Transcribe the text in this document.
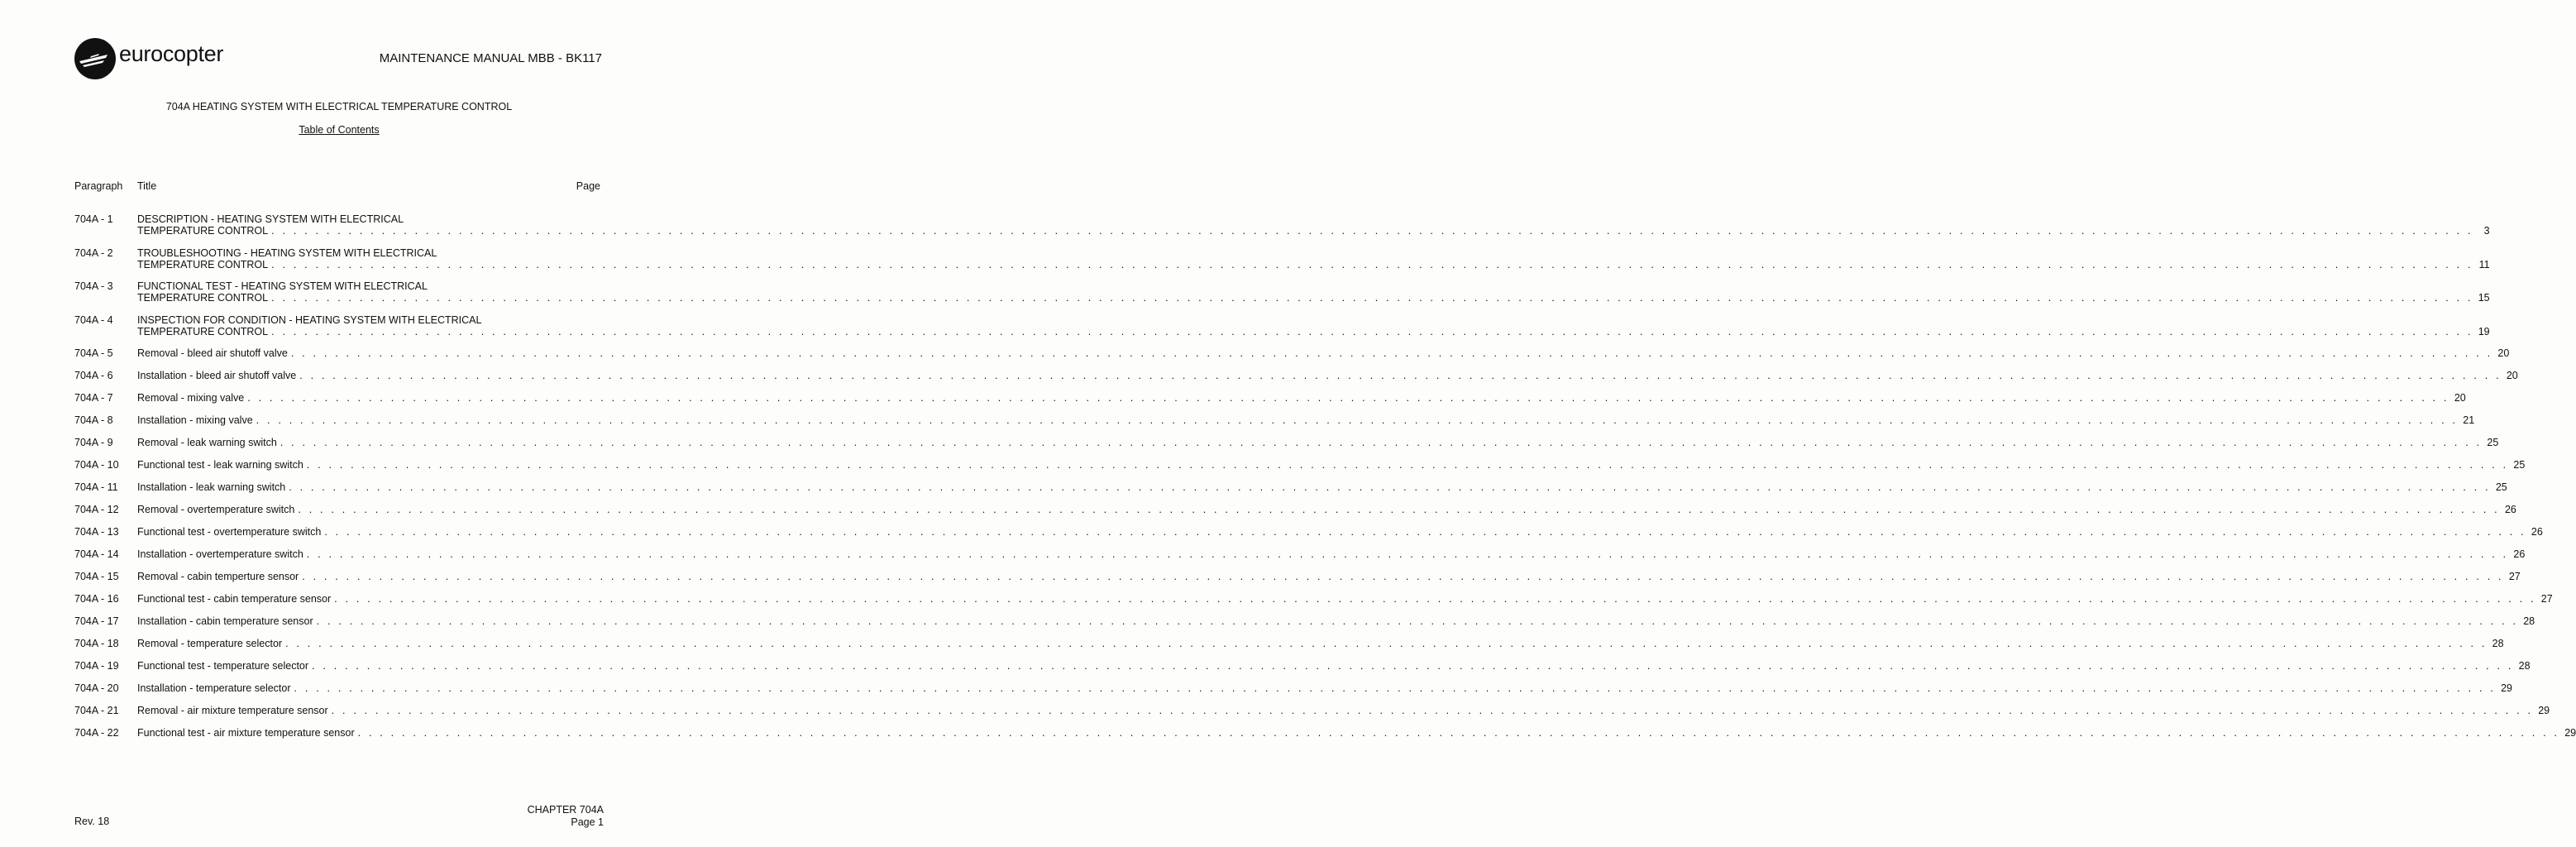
eurocopter	MAINTENANCE MANUAL MBB - BK117
704A HEATING SYSTEM WITH ELECTRICAL TEMPERATURE CONTROL
Table of Contents
Paragraph Title	Page
704A - 1 DESCRIPTION - HEATING SYSTEM WITH ELECTRICAL
TEMPERATURE CONTROL . . . . . . . . . . . . . . . . . . . . . . . . . . . . . . . . . . . . . . . . . . . . . . . . . . . . . . . . . . . . . . . . . . . . . . . . . . . . . . . . . . . . . . . . . . . . . . . . . . . . . . . . . . . . . . . . . . . . . . . . . . . . . . . . . . . . . . . . . . . . . . . . . . . . . . . . . . . . . . . . . . . . . . . . . . . . . . . . . . . . . . . . . . . . . . . . . . . . . . . .	3
704A - 2 TROUBLESHOOTING - HEATING SYSTEM WITH ELECTRICAL
TEMPERATURE CONTROL . . . . . . . . . . . . . . . . . . . . . . . . . . . . . . . . . . . . . . . . . . . . . . . . . . . . . . . . . . . . . . . . . . . . . . . . . . . . . . . . . . . . . . . . . . . . . . . . . . . . . . . . . . . . . . . . . . . . . . . . . . . . . . . . . . . . . . . . . . . . . . . . . . . . . . . . . . . . . . . . . . . . . . . . . . . . . . . . . . . . . . . . . . . . . . . . . . . . . . . . 11
704A - 3 FUNCTIONAL TEST - HEATING SYSTEM WITH ELECTRICAL
TEMPERATURE CONTROL . . . . . . . . . . . . . . . . . . . . . . . . . . . . . . . . . . . . . . . . . . . . . . . . . . . . . . . . . . . . . . . . . . . . . . . . . . . . . . . . . . . . . . . . . . . . . . . . . . . . . . . . . . . . . . . . . . . . . . . . . . . . . . . . . . . . . . . . . . . . . . . . . . . . . . . . . . . . . . . . . . . . . . . . . . . . . . . . . . . . . . . . . . . . . . . . . . . . . . . . 15
704A - 4 INSPECTION FOR CONDITION - HEATING SYSTEM WITH ELECTRICAL
TEMPERATURE CONTROL . . . . . . . . . . . . . . . . . . . . . . . . . . . . . . . . . . . . . . . . . . . . . . . . . . . . . . . . . . . . . . . . . . . . . . . . . . . . . . . . . . . . . . . . . . . . . . . . . . . . . . . . . . . . . . . . . . . . . . . . . . . . . . . . . . . . . . . . . . . . . . . . . . . . . . . . . . . . . . . . . . . . . . . . . . . . . . . . . . . . . . . . . . . . . . . . . . . . . . . . 19
704A - 5 Removal - bleed air shutoff valve . . . . . . . . . . . . . . . . . . . . . . . . . . . . . . . . . . . . . . . . . . . . . . . . . . . . . . . . . . . . . . . . . . . . . . . . . . . . . . . . . . . . . . . . . . . . . . . . . . . . . . . . . . . . . . . . . . . . . . . . . . . . . . . . . . . . . . . . . . . . . . . . . . . . . . . . . . . . . . . . . . . . . . . . . . . . . . . . . . . . . . . . . . . . . . . . . . . . . . . . 20
704A - 6 Installation - bleed air shutoff valve . . . . . . . . . . . . . . . . . . . . . . . . . . . . . . . . . . . . . . . . . . . . . . . . . . . . . . . . . . . . . . . . . . . . . . . . . . . . . . . . . . . . . . . . . . . . . . . . . . . . . . . . . . . . . . . . . . . . . . . . . . . . . . . . . . . . . . . . . . . . . . . . . . . . . . . . . . . . . . . . . . . . . . . . . . . . . . . . . . . . . . . . . . . . . . . . . . . . . . . . 20
704A - 7 Removal - mixing valve . . . . . . . . . . . . . . . . . . . . . . . . . . . . . . . . . . . . . . . . . . . . . . . . . . . . . . . . . . . . . . . . . . . . . . . . . . . . . . . . . . . . . . . . . . . . . . . . . . . . . . . . . . . . . . . . . . . . . . . . . . . . . . . . . . . . . . . . . . . . . . . . . . . . . . . . . . . . . . . . . . . . . . . . . . . . . . . . . . . . . . . . . . . . . . . . . . . . . . . . 20
704A - 8 Installation - mixing valve . . . . . . . . . . . . . . . . . . . . . . . . . . . . . . . . . . . . . . . . . . . . . . . . . . . . . . . . . . . . . . . . . . . . . . . . . . . . . . . . . . . . . . . . . . . . . . . . . . . . . . . . . . . . . . . . . . . . . . . . . . . . . . . . . . . . . . . . . . . . . . . . . . . . . . . . . . . . . . . . . . . . . . . . . . . . . . . . . . . . . . . . . . . . . . . . . . . . . . . . 21
704A - 9 Removal - leak warning switch . . . . . . . . . . . . . . . . . . . . . . . . . . . . . . . . . . . . . . . . . . . . . . . . . . . . . . . . . . . . . . . . . . . . . . . . . . . . . . . . . . . . . . . . . . . . . . . . . . . . . . . . . . . . . . . . . . . . . . . . . . . . . . . . . . . . . . . . . . . . . . . . . . . . . . . . . . . . . . . . . . . . . . . . . . . . . . . . . . . . . . . . . . . . . . . . . . . . . . . . 25
704A - 10 Functional test - leak warning switch . . . . . . . . . . . . . . . . . . . . . . . . . . . . . . . . . . . . . . . . . . . . . . . . . . . . . . . . . . . . . . . . . . . . . . . . . . . . . . . . . . . . . . . . . . . . . . . . . . . . . . . . . . . . . . . . . . . . . . . . . . . . . . . . . . . . . . . . . . . . . . . . . . . . . . . . . . . . . . . . . . . . . . . . . . . . . . . . . . . . . . . . . . . . . . . . . . . . . . . . 25
704A - 11 Installation - leak warning switch . . . . . . . . . . . . . . . . . . . . . . . . . . . . . . . . . . . . . . . . . . . . . . . . . . . . . . . . . . . . . . . . . . . . . . . . . . . . . . . . . . . . . . . . . . . . . . . . . . . . . . . . . . . . . . . . . . . . . . . . . . . . . . . . . . . . . . . . . . . . . . . . . . . . . . . . . . . . . . . . . . . . . . . . . . . . . . . . . . . . . . . . . . . . . . . . . . . . . . . . 25
704A - 12 Removal - overtemperature switch . . . . . . . . . . . . . . . . . . . . . . . . . . . . . . . . . . . . . . . . . . . . . . . . . . . . . . . . . . . . . . . . . . . . . . . . . . . . . . . . . . . . . . . . . . . . . . . . . . . . . . . . . . . . . . . . . . . . . . . . . . . . . . . . . . . . . . . . . . . . . . . . . . . . . . . . . . . . . . . . . . . . . . . . . . . . . . . . . . . . . . . . . . . . . . . . . . . . . . . . 26
704A - 13 Functional test - overtemperature switch . . . . . . . . . . . . . . . . . . . . . . . . . . . . . . . . . . . . . . . . . . . . . . . . . . . . . . . . . . . . . . . . . . . . . . . . . . . . . . . . . . . . . . . . . . . . . . . . . . . . . . . . . . . . . . . . . . . . . . . . . . . . . . . . . . . . . . . . . . . . . . . . . . . . . . . . . . . . . . . . . . . . . . . . . . . . . . . . . . . . . . . . . . . . . . . . . . . . . . . . 26
704A - 14 Installation - overtemperature switch . . . . . . . . . . . . . . . . . . . . . . . . . . . . . . . . . . . . . . . . . . . . . . . . . . . . . . . . . . . . . . . . . . . . . . . . . . . . . . . . . . . . . . . . . . . . . . . . . . . . . . . . . . . . . . . . . . . . . . . . . . . . . . . . . . . . . . . . . . . . . . . . . . . . . . . . . . . . . . . . . . . . . . . . . . . . . . . . . . . . . . . . . . . . . . . . . . . . . . . . 26
704A - 15 Removal - cabin temperture sensor . . . . . . . . . . . . . . . . . . . . . . . . . . . . . . . . . . . . . . . . . . . . . . . . . . . . . . . . . . . . . . . . . . . . . . . . . . . . . . . . . . . . . . . . . . . . . . . . . . . . . . . . . . . . . . . . . . . . . . . . . . . . . . . . . . . . . . . . . . . . . . . . . . . . . . . . . . . . . . . . . . . . . . . . . . . . . . . . . . . . . . . . . . . . . . . . . . . . . . . . 27
704A - 16 Functional test - cabin temperature sensor . . . . . . . . . . . . . . . . . . . . . . . . . . . . . . . . . . . . . . . . . . . . . . . . . . . . . . . . . . . . . . . . . . . . . . . . . . . . . . . . . . . . . . . . . . . . . . . . . . . . . . . . . . . . . . . . . . . . . . . . . . . . . . . . . . . . . . . . . . . . . . . . . . . . . . . . . . . . . . . . . . . . . . . . . . . . . . . . . . . . . . . . . . . . . . . . . . . . . . . . 27
704A - 17 Installation - cabin temperature sensor . . . . . . . . . . . . . . . . . . . . . . . . . . . . . . . . . . . . . . . . . . . . . . . . . . . . . . . . . . . . . . . . . . . . . . . . . . . . . . . . . . . . . . . . . . . . . . . . . . . . . . . . . . . . . . . . . . . . . . . . . . . . . . . . . . . . . . . . . . . . . . . . . . . . . . . . . . . . . . . . . . . . . . . . . . . . . . . . . . . . . . . . . . . . . . . . . . . . . . . . 28
704A - 18 Removal - temperature selector . . . . . . . . . . . . . . . . . . . . . . . . . . . . . . . . . . . . . . . . . . . . . . . . . . . . . . . . . . . . . . . . . . . . . . . . . . . . . . . . . . . . . . . . . . . . . . . . . . . . . . . . . . . . . . . . . . . . . . . . . . . . . . . . . . . . . . . . . . . . . . . . . . . . . . . . . . . . . . . . . . . . . . . . . . . . . . . . . . . . . . . . . . . . . . . . . . . . . . . . 28
704A - 19 Functional test - temperature selector . . . . . . . . . . . . . . . . . . . . . . . . . . . . . . . . . . . . . . . . . . . . . . . . . . . . . . . . . . . . . . . . . . . . . . . . . . . . . . . . . . . . . . . . . . . . . . . . . . . . . . . . . . . . . . . . . . . . . . . . . . . . . . . . . . . . . . . . . . . . . . . . . . . . . . . . . . . . . . . . . . . . . . . . . . . . . . . . . . . . . . . . . . . . . . . . . . . . . . . . 28
704A - 20 Installation - temperature selector . . . . . . . . . . . . . . . . . . . . . . . . . . . . . . . . . . . . . . . . . . . . . . . . . . . . . . . . . . . . . . . . . . . . . . . . . . . . . . . . . . . . . . . . . . . . . . . . . . . . . . . . . . . . . . . . . . . . . . . . . . . . . . . . . . . . . . . . . . . . . . . . . . . . . . . . . . . . . . . . . . . . . . . . . . . . . . . . . . . . . . . . . . . . . . . . . . . . . . . . 29
704A - 21 Removal - air mixture temperature sensor . . . . . . . . . . . . . . . . . . . . . . . . . . . . . . . . . . . . . . . . . . . . . . . . . . . . . . . . . . . . . . . . . . . . . . . . . . . . . . . . . . . . . . . . . . . . . . . . . . . . . . . . . . . . . . . . . . . . . . . . . . . . . . . . . . . . . . . . . . . . . . . . . . . . . . . . . . . . . . . . . . . . . . . . . . . . . . . . . . . . . . . . . . . . . . . . . . . . . . . . 29
704A - 22 Functional test - air mixture temperature sensor . . . . . . . . . . . . . . . . . . . . . . . . . . . . . . . . . . . . . . . . . . . . . . . . . . . . . . . . . . . . . . . . . . . . . . . . . . . . . . . . . . . . . . . . . . . . . . . . . . . . . . . . . . . . . . . . . . . . . . . . . . . . . . . . . . . . . . . . . . . . . . . . . . . . . . . . . . . . . . . . . . . . . . . . . . . . . . . . . . . . . . . . . . . . . . . . . . . . . . . . 29
Rev. 18
CHAPTER 704A
Page 1
